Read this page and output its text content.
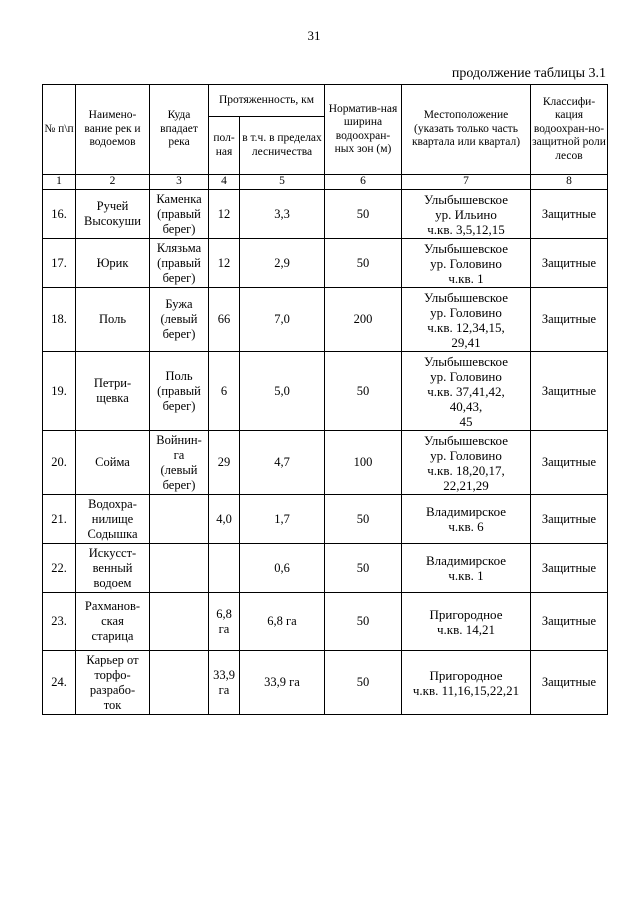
31
продолжение таблицы 3.1
№ п\п	Наимено-вание рек и водоемов	Куда впадает река	Протяженность, км		Норматив-ная ширина водоохран-ных зон (м)	Местоположение (указать только часть квартала или квартал)	Классифи-кация водоохран-но-защитной роли лесов
			пол-ная	в т.ч. в пределах лесничества			
1	2	3	4	5	6	7	8
16.	Ручей
Высокуши	Каменка
(правый
берег)	12	3,3	50	Улыбышевское
ур. Ильино
ч.кв. 3,5,12,15	Защитные
17.	Юрик	Клязьма
(правый
берег)	12	2,9	50	Улыбышевское
ур. Головино
ч.кв. 1	Защитные
18.	Поль	Бужа
(левый
берег)	66	7,0	200	Улыбышевское
ур. Головино
ч.кв. 12,34,15,
29,41	Защитные
19.	Петри-
щевка	Поль
(правый
берег)	6	5,0	50	Улыбышевское
ур. Головино
ч.кв. 37,41,42,
40,43,
45	Защитные
20.	Сойма	Войнин-
га
(левый
берег)	29	4,7	100	Улыбышевское
ур. Головино
ч.кв. 18,20,17,
22,21,29	Защитные
21.	Водохра-
нилище
Содышка		4,0	1,7	50	Владимирское
ч.кв. 6	Защитные
22.	Искусст-
венный
водоем			0,6	50	Владимирское
ч.кв. 1	Защитные
23.	Рахманов-
ская
старица		6,8 га	6,8 га	50	Пригородное
ч.кв. 14,21	Защитные
24.	Карьер от
торфо-
разрабо-
ток		33,9 га	33,9 га	50	Пригородное
ч.кв. 11,16,15,22,21	Защитные
